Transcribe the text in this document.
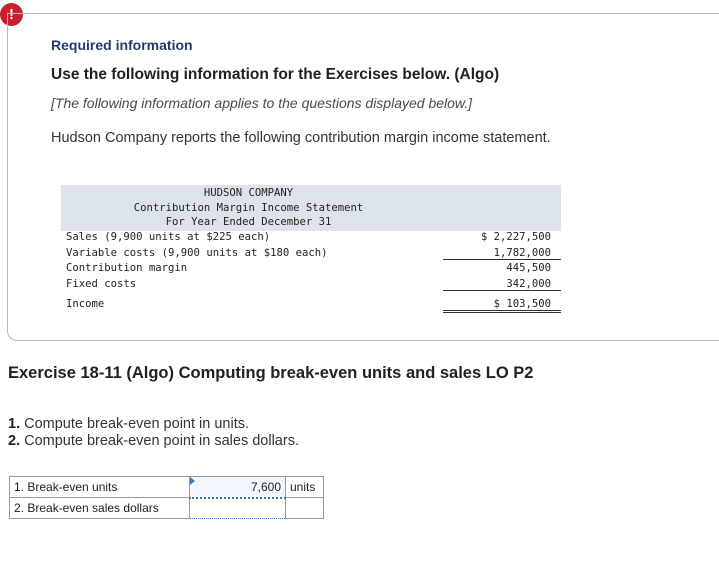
!
Required information
Use the following information for the Exercises below. (Algo)
[The following information applies to the questions displayed below.]
Hudson Company reports the following contribution margin income statement.
HUDSON COMPANY
Contribution Margin Income Statement
For Year Ended December 31
Sales (9,900 units at $225 each)	$ 2,227,500
Variable costs (9,900 units at $180 each)	1,782,000
Contribution margin	445,500
Fixed costs	342,000
Income	$ 103,500
Exercise 18-11 (Algo) Computing break-even units and sales LO P2
1. Compute break-even point in units.
2. Compute break-even point in sales dollars.
1. Break-even units	7,600	units
2. Break-even sales dollars		
